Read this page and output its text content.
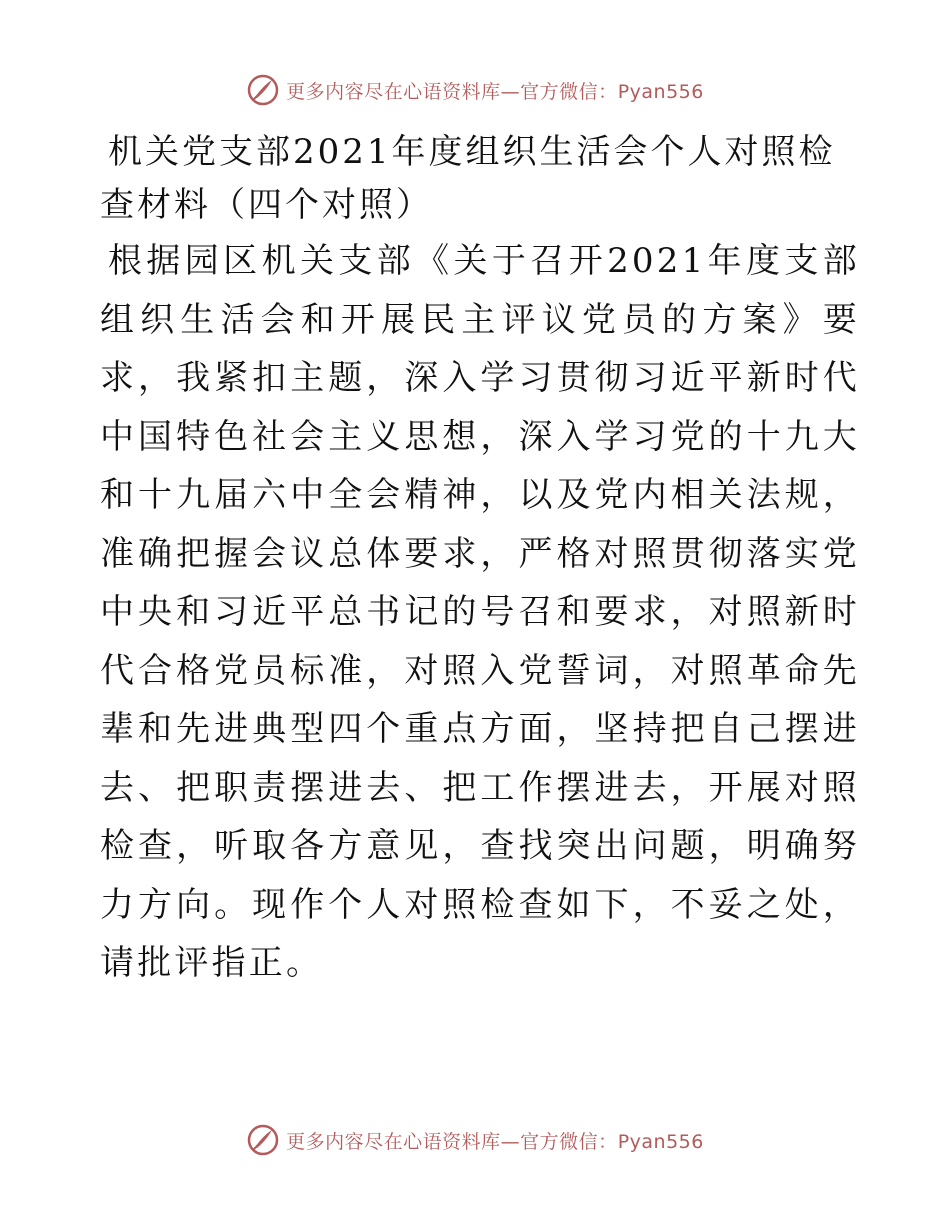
更多内容尽在心语资料库—官方微信：Pyan556
机关党支部2021年度组织生活会个人对照检查材料（四个对照）

根据园区机关支部《关于召开2021年度支部组织生活会和开展民主评议党员的方案》要求，我紧扣主题，深入学习贯彻习近平新时代中国特色社会主义思想，深入学习党的十九大和十九届六中全会精神，以及党内相关法规，准确把握会议总体要求，严格对照贯彻落实党中央和习近平总书记的号召和要求，对照新时代合格党员标准，对照入党誓词，对照革命先辈和先进典型四个重点方面，坚持把自己摆进去、把职责摆进去、把工作摆进去，开展对照检查，听取各方意见，查找突出问题，明确努力方向。现作个人对照检查如下，不妥之处，请批评指正。

更多内容尽在心语资料库—官方微信：Pyan556
